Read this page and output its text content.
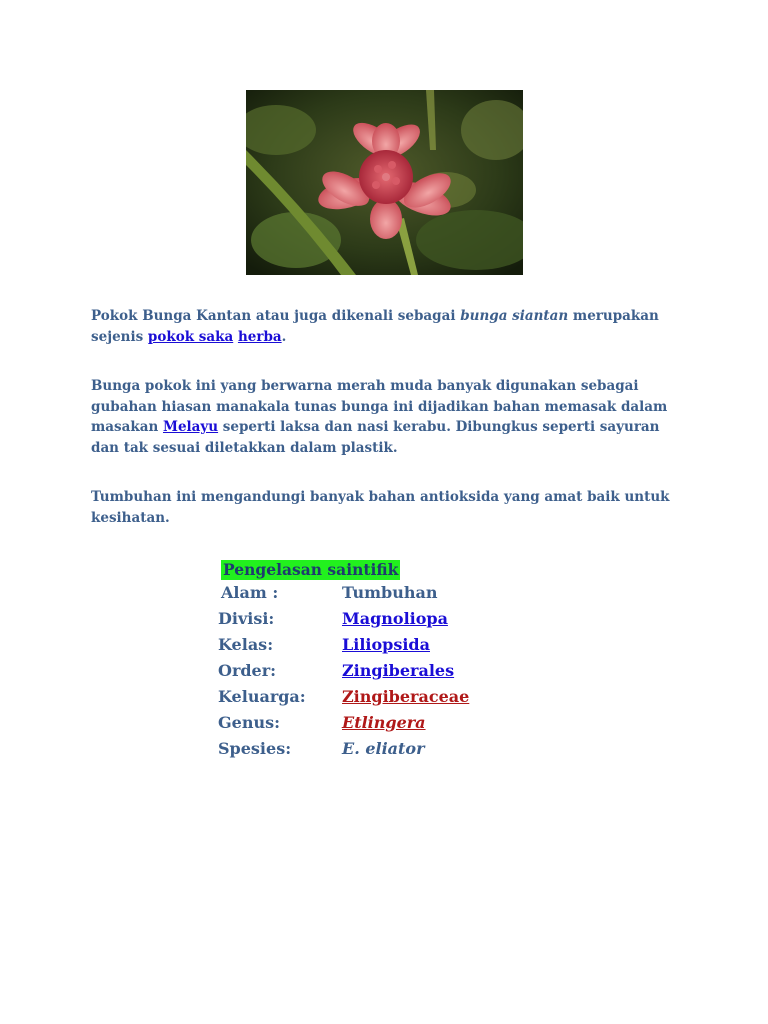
Pokok Bunga Kantan atau juga dikenali sebagai bunga siantan merupakan sejenis pokok saka herba.
Bunga pokok ini yang berwarna merah muda banyak digunakan sebagai gubahan hiasan manakala tunas bunga ini dijadikan bahan memasak dalam masakan Melayu seperti laksa dan nasi kerabu. Dibungkus seperti sayuran dan tak sesuai diletakkan dalam plastik.
Tumbuhan ini mengandungi banyak bahan antioksida yang amat baik untuk kesihatan.
Pengelasan saintifik
Alam :	Tumbuhan
Divisi:	Magnoliopa
Kelas:	Liliopsida
Order:	Zingiberales
Keluarga: Zingiberaceae
Genus:	Etlingera
Spesies:	E. eliator
